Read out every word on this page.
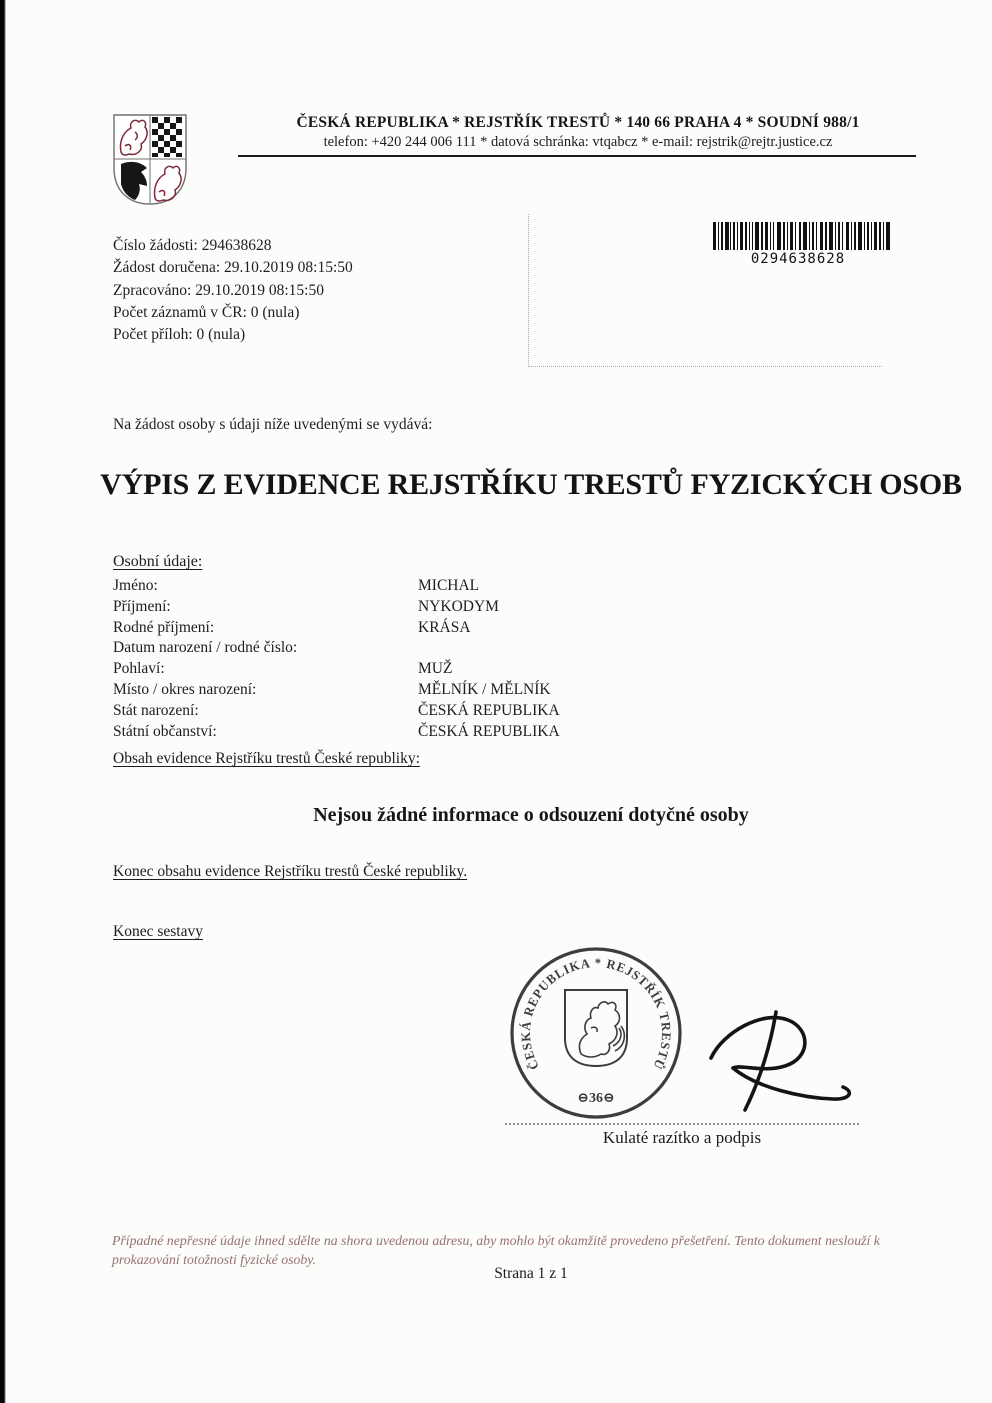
ČESKÁ REPUBLIKA * REJSTŘÍK TRESTŮ * 140 66 PRAHA 4 * SOUDNÍ 988/1
telefon: +420 244 006 111 * datová schránka: vtqabcz * e-mail: rejstrik@rejtr.justice.cz
Číslo žádosti: 294638628
Žádost doručena: 29.10.2019 08:15:50
Zpracováno: 29.10.2019 08:15:50
Počet záznamů v ČR: 0 (nula)
Počet příloh: 0 (nula)
0294638628
Na žádost osoby s údaji níže uvedenými se vydává:
VÝPIS Z EVIDENCE REJSTŘÍKU TRESTŮ FYZICKÝCH OSOB
Osobní údaje:
Jméno:	MICHAL
Příjmení:	NYKODYM
Rodné příjmení:	KRÁSA
Datum narození / rodné číslo:
Pohlaví:	MUŽ
Místo / okres narození:	MĚLNÍK / MĚLNÍK
Stát narození:	ČESKÁ REPUBLIKA
Státní občanství:	ČESKÁ REPUBLIKA
Obsah evidence Rejstříku trestů České republiky:
Nejsou žádné informace o odsouzení dotyčné osoby
Konec obsahu evidence Rejstříku trestů České republiky.
Konec sestavy
ČESKÁ REPUBLIKA * REJSTŘÍK TRESTŮ
⊖36⊖
Kulaté razítko a podpis
Případné nepřesné údaje ihned sdělte na shora uvedenou adresu, aby mohlo být okamžitě provedeno přešetření. Tento dokument neslouží k prokazování totožnosti fyzické osoby.
Strana 1 z 1
